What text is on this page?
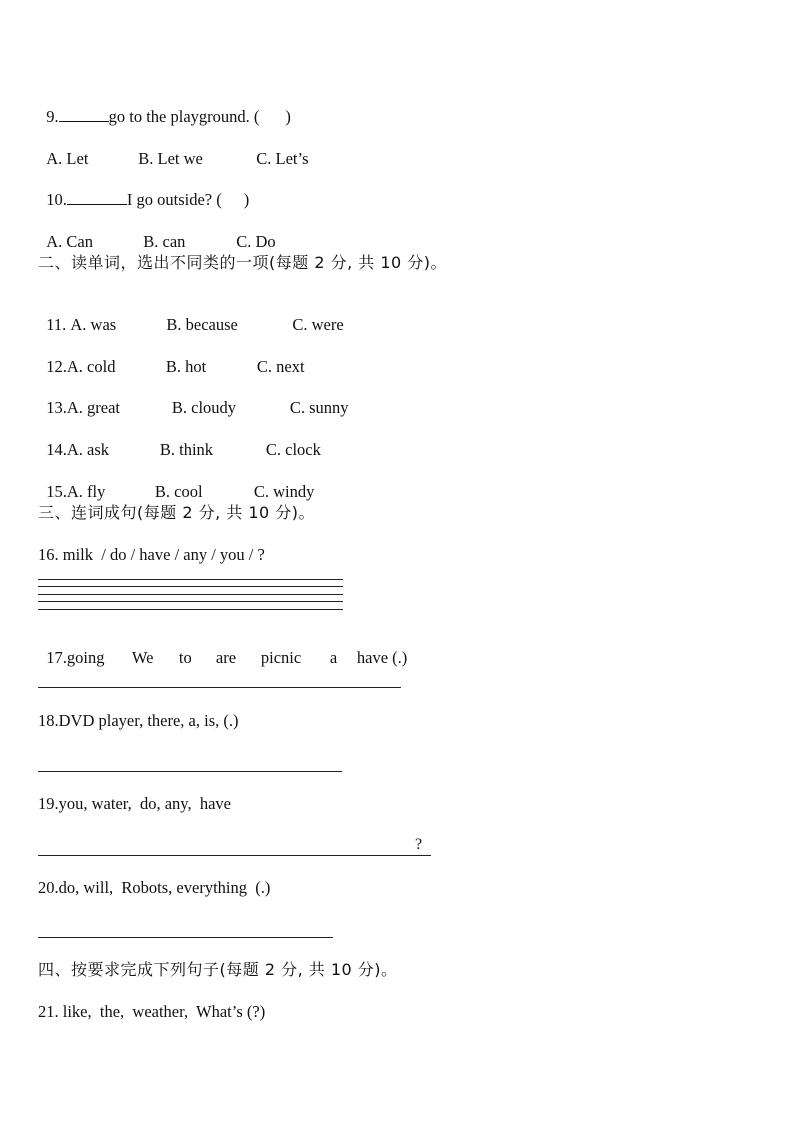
9.	go to the playground. ( )

A. Let	B. Let we	C. Let’s

10.	I go outside? ( )

A. Can	B. can	C. Do

二、读单词，选出不同类的一项(每题 2 分, 共 10 分)。

11. A. was	B. because	C. were

12.A. cold	B. hot	C. next

13.A. great	B. cloudy	C. sunny

14.A. ask	B. think	C. clock

15.A. fly	B. cool	C. windy

三、连词成句(每题 2 分, 共 10 分)。
16. milk  / do / have / any / you / ?

17.going We to are picnic a have (.)

18.DVD player, there, a, is, (.)
19.you, water,  do, any,  have
?
20.do, will,  Robots, everything  (.)
四、按要求完成下列句子(每题 2 分, 共 10 分)。
21. like,  the,  weather,  What’s (?)
